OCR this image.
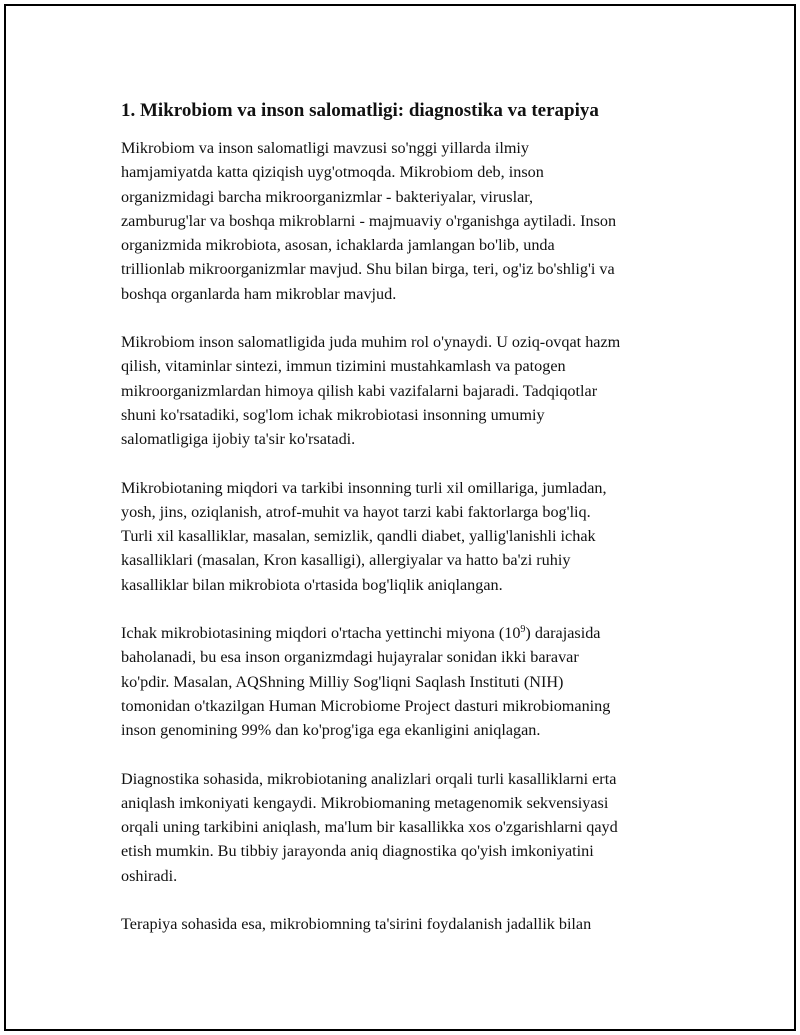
1. Mikrobiom va inson salomatligi: diagnostika va terapiya

Mikrobiom va inson salomatligi mavzusi so'nggi yillarda ilmiy
hamjamiyatda katta qiziqish uyg'otmoqda. Mikrobiom deb, inson
organizmidagi barcha mikroorganizmlar - bakteriyalar, viruslar,
zamburug'lar va boshqa mikroblarni - majmuaviy o'rganishga aytiladi. Inson
organizmida mikrobiota, asosan, ichaklarda jamlangan bo'lib, unda
trillionlab mikroorganizmlar mavjud. Shu bilan birga, teri, og'iz bo'shlig'i va
boshqa organlarda ham mikroblar mavjud.

Mikrobiom inson salomatligida juda muhim rol o'ynaydi. U oziq-ovqat hazm
qilish, vitaminlar sintezi, immun tizimini mustahkamlash va patogen
mikroorganizmlardan himoya qilish kabi vazifalarni bajaradi. Tadqiqotlar
shuni ko'rsatadiki, sog'lom ichak mikrobiotasi insonning umumiy
salomatligiga ijobiy ta'sir ko'rsatadi.

Mikrobiotaning miqdori va tarkibi insonning turli xil omillariga, jumladan,
yosh, jins, oziqlanish, atrof-muhit va hayot tarzi kabi faktorlarga bog'liq.
Turli xil kasalliklar, masalan, semizlik, qandli diabet, yallig'lanishli ichak
kasalliklari (masalan, Kron kasalligi), allergiyalar va hatto ba'zi ruhiy
kasalliklar bilan mikrobiota o'rtasida bog'liqlik aniqlangan.

Ichak mikrobiotasining miqdori o'rtacha yettinchi miyona $(10^9)$ darajasida
baholanadi, bu esa inson organizmdagi hujayralar sonidan ikki baravar
ko'pdir. Masalan, AQShning Milliy Sog'liqni Saqlash Instituti (NIH)
tomonidan o'tkazilgan Human Microbiome Project dasturi mikrobiomaning
inson genomining 99% dan ko'prog'iga ega ekanligini aniqlagan.

Diagnostika sohasida, mikrobiotaning analizlari orqali turli kasalliklarni erta
aniqlash imkoniyati kengaydi. Mikrobiomaning metagenomik sekvensiyasi
orqali uning tarkibini aniqlash, ma'lum bir kasallikka xos o'zgarishlarni qayd
etish mumkin. Bu tibbiy jarayonda aniq diagnostika qo'yish imkoniyatini
oshiradi.

Terapiya sohasida esa, mikrobiomning ta'sirini foydalanish jadallik bilan
